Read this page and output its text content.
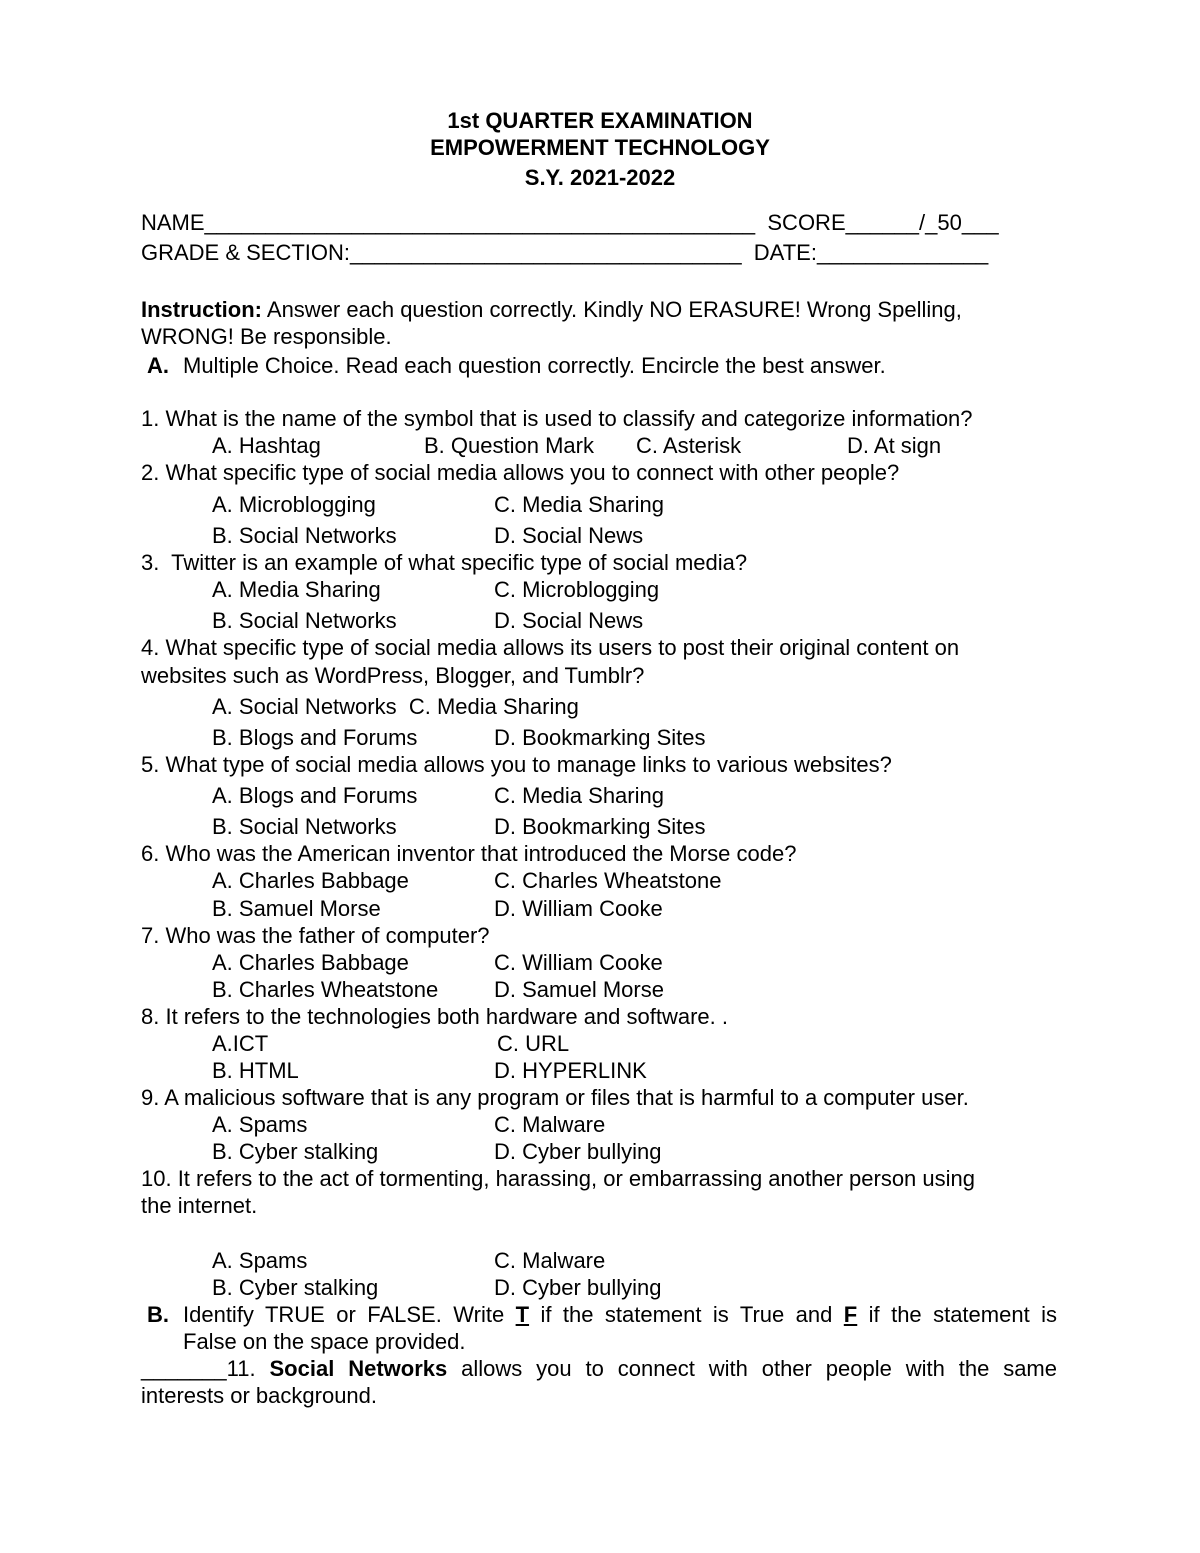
1st QUARTER EXAMINATION
EMPOWERMENT TECHNOLOGY
S.Y. 2021-2022
NAME_____________________________________________  SCORE______/_50___
GRADE & SECTION:________________________________  DATE:______________
Instruction: Answer each question correctly. Kindly NO ERASURE! Wrong Spelling,
WRONG! Be responsible.
A. Multiple Choice. Read each question correctly. Encircle the best answer.
1. What is the name of the symbol that is used to classify and categorize information?
A. Hashtag	B. Question Mark C. Asterisk	D. At sign
2. What specific type of social media allows you to connect with other people?
A. Microblogging	C. Media Sharing
B. Social Networks	D. Social News
3.  Twitter is an example of what specific type of social media?
A. Media Sharing	C. Microblogging
B. Social Networks	D. Social News
4. What specific type of social media allows its users to post their original content on
websites such as WordPress, Blogger, and Tumblr?
A. Social Networks  C. Media Sharing
B. Blogs and Forums	D. Bookmarking Sites
5. What type of social media allows you to manage links to various websites?
A. Blogs and Forums	C. Media Sharing
B. Social Networks	D. Bookmarking Sites
6. Who was the American inventor that introduced the Morse code?
A. Charles Babbage	C. Charles Wheatstone
B. Samuel Morse	D. William Cooke
7. Who was the father of computer?
A. Charles Babbage	C. William Cooke
B. Charles Wheatstone	D. Samuel Morse
8. It refers to the technologies both hardware and software. .
A.ICT	C. URL
B. HTML	D. HYPERLINK
9. A malicious software that is any program or files that is harmful to a computer user.
A. Spams	C. Malware
B. Cyber stalking	D. Cyber bullying
10. It refers to the act of tormenting, harassing, or embarrassing another person using
the internet.
A. Spams	C. Malware
B. Cyber stalking	D. Cyber bullying
B. Identify TRUE or FALSE. Write T if the statement is True and F if the statement is
False on the space provided.
_______11. Social Networks allows you to connect with other people with the same
interests or background.
